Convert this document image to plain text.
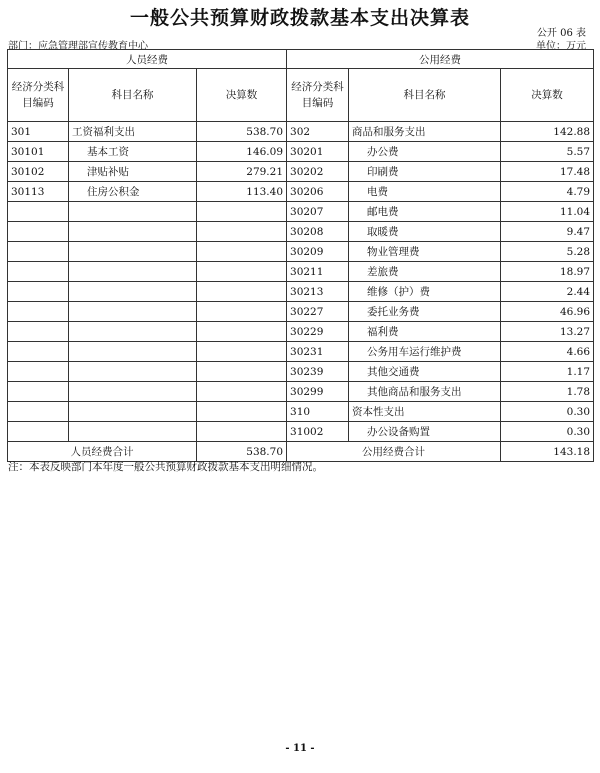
一般公共预算财政拨款基本支出决算表
公开 06 表
部门：应急管理部宣传教育中心	单位：万元
人员经费			公用经费		
经济分类科目编码	科目名称	决算数	经济分类科目编码	科目名称	决算数
301	工资福利支出	538.70	302	商品和服务支出	142.88
30101	基本工资	146.09	30201	办公费	5.57
30102	津贴补贴	279.21	30202	印刷费	17.48
30113	住房公积金	113.40	30206	电费	4.79
			30207	邮电费	11.04
			30208	取暖费	9.47
			30209	物业管理费	5.28
			30211	差旅费	18.97
			30213	维修（护）费	2.44
			30227	委托业务费	46.96
			30229	福利费	13.27
			30231	公务用车运行维护费	4.66
			30239	其他交通费	1.17
			30299	其他商品和服务支出	1.78
			310	资本性支出	0.30
			31002	办公设备购置	0.30
人员经费合计		538.70	公用经费合计		143.18
注：本表反映部门本年度一般公共预算财政拨款基本支出明细情况。
- 11 -
